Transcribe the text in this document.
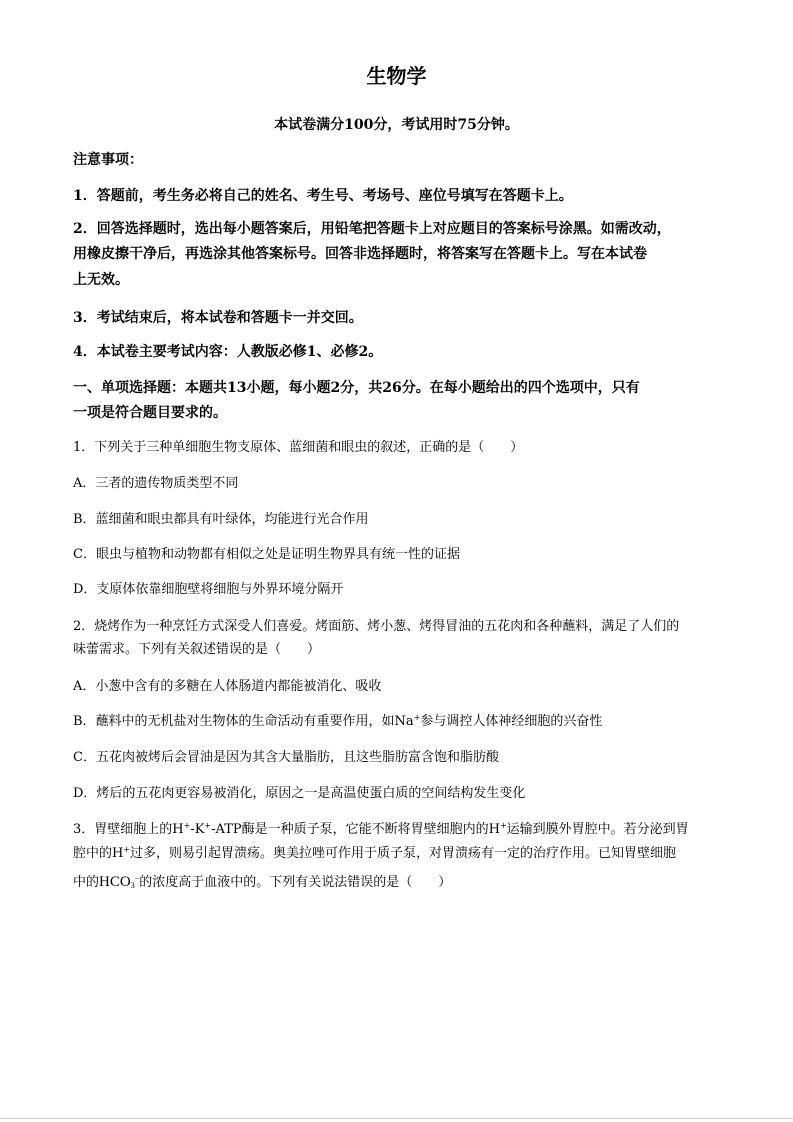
生物学
本试卷满分100分，考试用时75分钟。
注意事项：
1．答题前，考生务必将自己的姓名、考生号、考场号、座位号填写在答题卡上。
2．回答选择题时，选出每小题答案后，用铅笔把答题卡上对应题目的答案标号涂黑。如需改动，
用橡皮擦干净后，再选涂其他答案标号。回答非选择题时，将答案写在答题卡上。写在本试卷
上无效。
3．考试结束后，将本试卷和答题卡一并交回。
4．本试卷主要考试内容：人教版必修1、必修2。
一、单项选择题：本题共13小题，每小题2分，共26分。在每小题给出的四个选项中，只有
一项是符合题目要求的。
1．下列关于三种单细胞生物支原体、蓝细菌和眼虫的叙述，正确的是（　　）
A．三者的遗传物质类型不同
B．蓝细菌和眼虫都具有叶绿体，均能进行光合作用
C．眼虫与植物和动物都有相似之处是证明生物界具有统一性的证据
D．支原体依靠细胞壁将细胞与外界环境分隔开
2．烧烤作为一种烹饪方式深受人们喜爱。烤面筋、烤小葱、烤得冒油的五花肉和各种蘸料，满足了人们的
味蕾需求。下列有关叙述错误的是（　　）
A．小葱中含有的多糖在人体肠道内都能被消化、吸收
B．蘸料中的无机盐对生物体的生命活动有重要作用，如Na+参与调控人体神经细胞的兴奋性
C．五花肉被烤后会冒油是因为其含大量脂肪，且这些脂肪富含饱和脂肪酸
D．烤后的五花肉更容易被消化，原因之一是高温使蛋白质的空间结构发生变化
3．胃壁细胞上的H+-K+-ATP酶是一种质子泵，它能不断将胃壁细胞内的H+运输到膜外胃腔中。若分泌到胃
腔中的H+过多，则易引起胃溃疡。奥美拉唑可作用于质子泵，对胃溃疡有一定的治疗作用。已知胃壁细胞
中的$HCO_3^-$的浓度高于血液中的。下列有关说法错误的是（　　）
